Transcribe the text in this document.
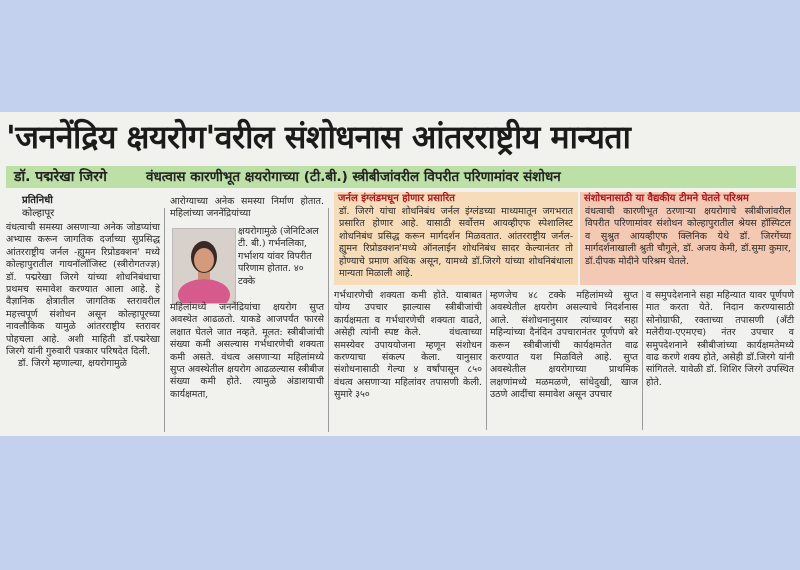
'जननेंद्रिय क्षयरोग'वरील संशोधनास आंतरराष्ट्रीय मान्यता
डॉ. पद्मरेखा जिरगे	वंधत्वास कारणीभूत क्षयरोगाच्या (टी.बी.) स्त्रीबीजांवरील विपरीत परिणामांवर संशोधन
प्रतिनिधी
कोल्हापूर

वंधत्वाची समस्या असणाऱ्या अनेक जोडप्यांचा अभ्यास करून जागतिक दर्जाच्या सुप्रसिद्ध आंतरराष्ट्रीय जर्नल -ह्युमन रिप्रोडक्शन' मध्ये कोल्हापुरातील गायनॉलॉजिस्ट (स्त्रीरोगतज्ज्ञ) डॉ. पद्मरेखा जिरगे यांच्या शोधनिबंधाचा प्रथमच समावेश करण्यात आला आहे. हे वैज्ञानिक क्षेत्रातील जागतिक स्तरावरील महत्त्वपूर्ण संशोधन असून कोल्हापूरच्या नावलौकिक यामुळे आंतरराष्ट्रीय स्तरावर पोहचला आहे. अशी माहिती डॉ.पद्मरेखा जिरगे यांनी गुरुवारी पत्रकार परिषदेत दिली.

डॉ. जिरगे म्हणाल्या, क्षयरोगामुळे

आरोग्याच्या अनेक समस्या निर्माण होतात. महिलांच्या जननेंद्रियांच्या
क्षयरोगामुळे (जेनिटिअल टी. बी.) गर्भनलिका, गर्भाशय यांवर विपरीत परिणाम होतात. ४० टक्के
महिलांमध्ये जननेंद्रियांचा क्षयरोग सुप्त अवस्थेत आढळतो. याकडे आजपर्यंत फारसे लक्षात घेतले जात नव्हते. मूलत: स्त्रीबीजांची संख्या कमी असल्यास गर्भधारणेची शक्यता कमी असते. वंधत्व असणाऱ्या महिलांमध्ये सुप्त अवस्थेतील क्षयरोग आढळल्यास स्त्रीबीज संख्या कमी होते. त्यामुळे अंडाशयाची कार्यक्षमता,
जर्नल इंग्लंडमधून होणार प्रसारित
डॉ. जिरगे यांचा शोधनिबंध जर्नल इंग्लंडच्या माध्यमातून जगभरात प्रसारित होणार आहे. यासाठी सर्वोत्तम आयव्हीएफ स्पेशालिस्ट शोधनिबंध प्रसिद्ध करून मार्गदर्शन मिळवतात. आंतरराष्ट्रीय जर्नल- ह्युमन रिप्रोडक्शन'मध्ये ऑनलाईन शोधनिबंध सादर केल्यानंतर तो होण्याचे प्रमाण अधिक असून, यामध्ये डॉ.जिरगे यांच्या शोधनिबंधाला मान्यता मिळाली आहे.
संशोधनासाठी या वैद्यकीय टीमने घेतले परिश्रम
वंधत्वाची कारणीभूत ठरणाऱ्या क्षयरोगाचे स्त्रीबीजांवरील विपरीत परिणामांवर संशोधन कोल्हापुरातील श्रेयस हॉस्पिटल व सुश्रुत आयव्हीएफ क्लिनिक येथे डॉ. जिरगेंच्या मार्गदर्शनाखाली श्रुती चौगुले, डॉ. अजय केमी, डॉ.सुमा कुमार, डॉ.दीपक मोदीने परिश्रम घेतले.
गर्भधारणेची शक्यता कमी होते. याबाबत योग्य उपचार झाल्यास स्त्रीबीजांची कार्यक्षमता व गर्भधारणेची शक्यता वाढते, असेही त्यांनी स्पष्ट केले.     वंधत्वाच्या समस्येवर उपाययोजना म्हणून संशोधन करण्याचा संकल्प केला. यानुसार संशोधनासाठी गेल्या ४ वर्षांपासून ८५० वंधत्व असणाऱ्या महिलांवर तपासणी केली. सुमारे ३५०
म्हणजेच ४८ टक्के महिलांमध्ये सुप्त अवस्थेतील क्षयरोग असल्याचे निदर्शनास आले. संशोधनानुसार त्यांच्यावर सहा महिन्यांच्या दैनंदिन उपचारानंतर पूर्णपणे बरे करून स्त्रीबीजांची कार्यक्षमतेत वाढ करण्यात यश मिळविले आहे. सुप्त अवस्थेतील क्षयरोगाच्या प्राथमिक लक्षणांमध्ये मळमळणे, सांधेदुखी, खाज उठणे आदींचा समावेश असून उपचार
व समुपदेशनाने सहा महिन्यात यावर पूर्णपणे मात करता येते. निदान करण्यासाठी सोनोग्राफी, रक्ताच्या तपासणी (अँटी मलेरीया-एएमएच) नंतर उपचार व समुपदेशनाने स्त्रीबीजांच्या कार्यक्षमतेमध्ये वाढ करणे शक्य होते, असेही डॉ.जिरगे यांनी सांगितले. यावेळी डॉ. शिशिर जिरगे उपस्थित होते.
